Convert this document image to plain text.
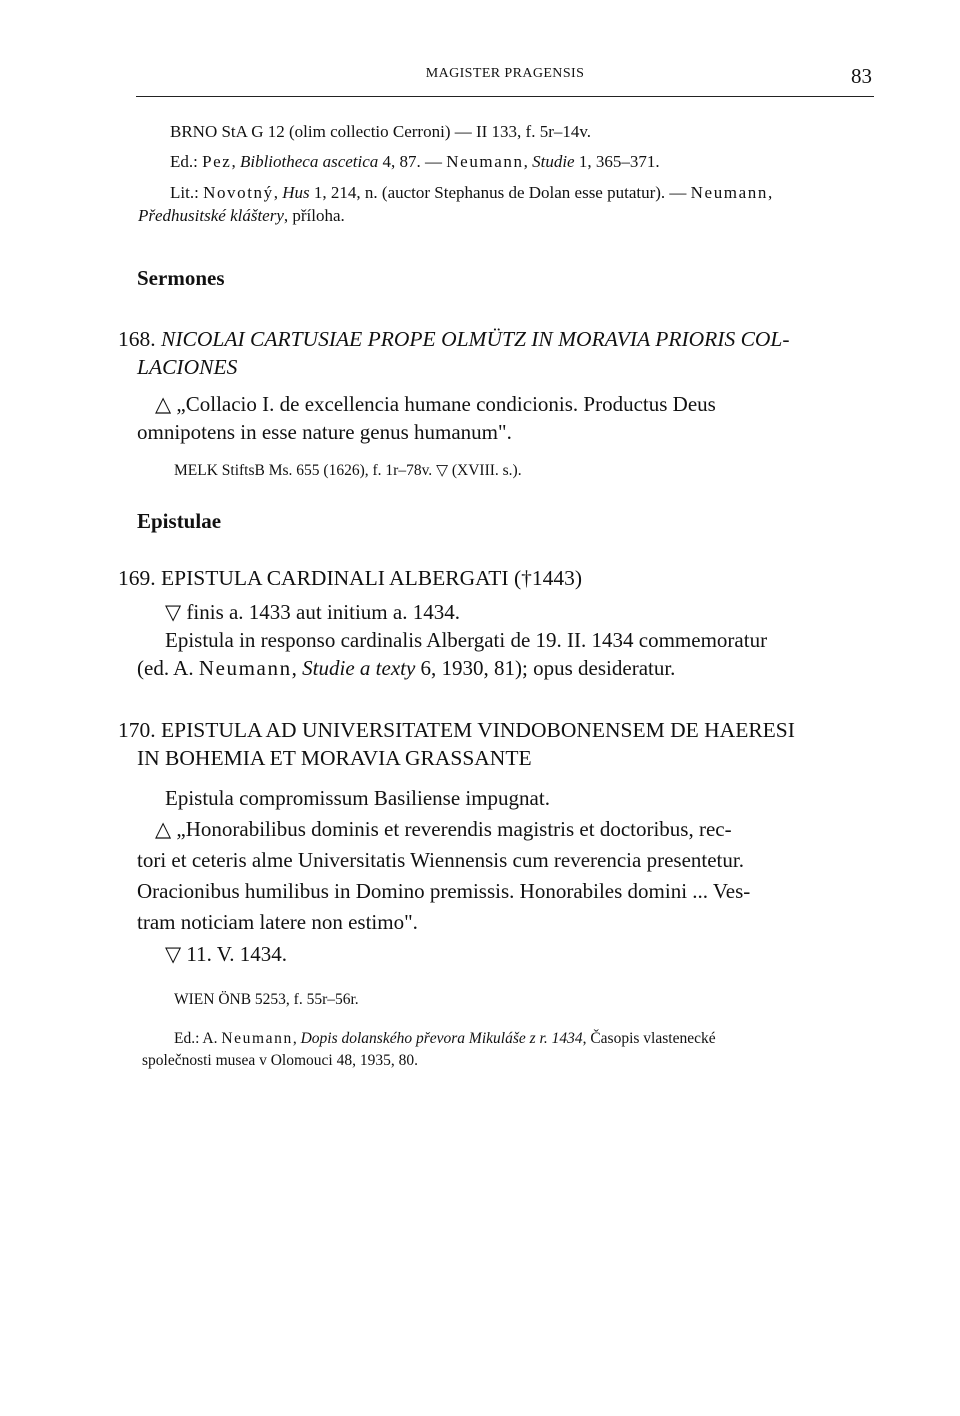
MAGISTER PRAGENSIS	83
BRNO StA G 12 (olim collectio Cerroni) — II 133, f. 5r–14v.
Ed.: Pez, Bibliotheca ascetica 4, 87. — Neumann, Studie 1, 365–371.
Lit.: Novotný, Hus 1, 214, n. (auctor Stephanus de Dolan esse putatur). — Neumann,
Předhusitské kláštery, příloha.
Sermones
168. NICOLAI CARTUSIAE PROPE OLMÜTZ IN MORAVIA PRIORIS COL-
LACIONES
△ „Collacio I. de excellencia humane condicionis. Productus Deus
omnipotens in esse nature genus humanum".
MELK StiftsB Ms. 655 (1626), f. 1r–78v. ▽ (XVIII. s.).
Epistulae
169. EPISTULA CARDINALI ALBERGATI (†1443)
▽ finis a. 1433 aut initium a. 1434.
Epistula in responso cardinalis Albergati de 19. II. 1434 commemoratur
(ed. A. Neumann, Studie a texty 6, 1930, 81); opus desideratur.
170. EPISTULA AD UNIVERSITATEM VINDOBONENSEM DE HAERESI
IN BOHEMIA ET MORAVIA GRASSANTE
Epistula compromissum Basiliense impugnat.
△ „Honorabilibus dominis et reverendis magistris et doctoribus, rec-
tori et ceteris alme Universitatis Wiennensis cum reverencia presentetur.
Oracionibus humilibus in Domino premissis. Honorabiles domini ... Ves-
tram noticiam latere non estimo".
▽ 11. V. 1434.
WIEN ÖNB 5253, f. 55r–56r.
Ed.: A. Neumann, Dopis dolanského převora Mikuláše z r. 1434, Časopis vlastenecké
společnosti musea v Olomouci 48, 1935, 80.
